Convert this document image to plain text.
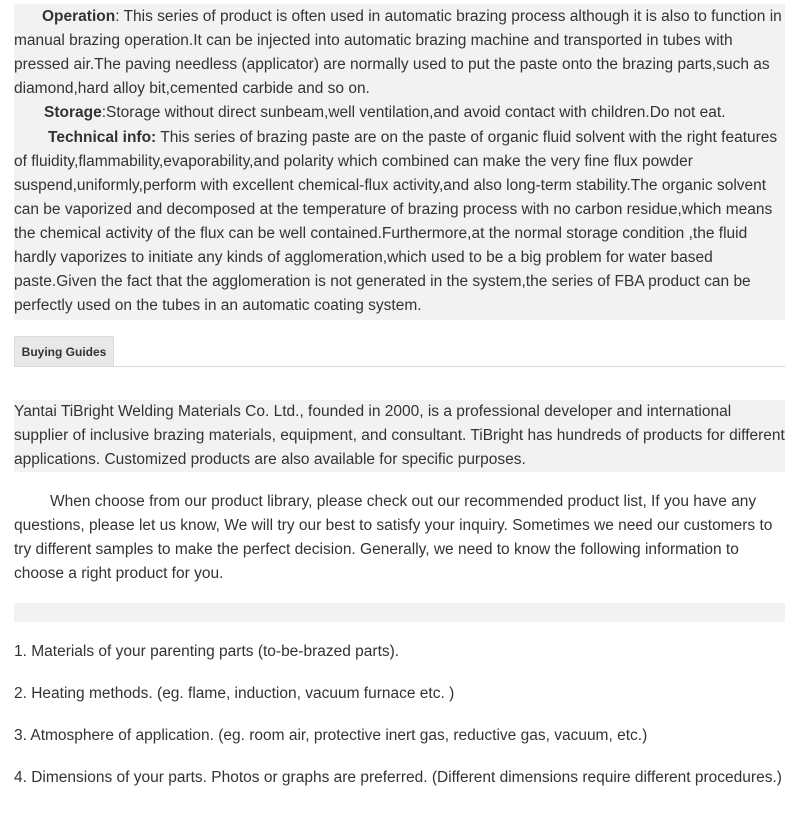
Operation: This series of product is often used in automatic brazing process although it is also to function in manual brazing operation.It can be injected into automatic brazing machine and transported in tubes with pressed air.The paving needless (applicator) are normally used to put the paste onto the brazing parts,such as diamond,hard alloy bit,cemented carbide and so on.

Storage:Storage without direct sunbeam,well ventilation,and avoid contact with children.Do not eat.

Technical info: This series of brazing paste are on the paste of organic fluid solvent with the right features of fluidity,flammability,evaporability,and polarity which combined can make the very fine flux powder suspend,uniformly,perform with excellent chemical-flux activity,and also long-term stability.The organic solvent can be vaporized and decomposed at the temperature of brazing process with no carbon residue,which means the chemical activity of the flux can be well contained.Furthermore,at the normal storage condition ,the fluid hardly vaporizes to initiate any kinds of agglomeration,which used to be a big problem for water based paste.Given the fact that the agglomeration is not generated in the system,the series of FBA product can be perfectly used on the tubes in an automatic coating system.

Buying Guides

Yantai TiBright Welding Materials Co. Ltd., founded in 2000, is a professional developer and international supplier of inclusive brazing materials, equipment, and consultant. TiBright has hundreds of products for different applications. Customized products are also available for specific purposes.

When choose from our product library, please check out our recommended product list, If you have any questions, please let us know, We will try our best to satisfy your inquiry. Sometimes we need our customers to try different samples to make the perfect decision. Generally, we need to know the following information to choose a right product for you.

1. Materials of your parenting parts (to-be-brazed parts).

2. Heating methods. (eg. flame, induction, vacuum furnace etc. )

3. Atmosphere of application. (eg. room air, protective inert gas, reductive gas, vacuum, etc.)

4. Dimensions of your parts. Photos or graphs are preferred. (Different dimensions require different procedures.)
